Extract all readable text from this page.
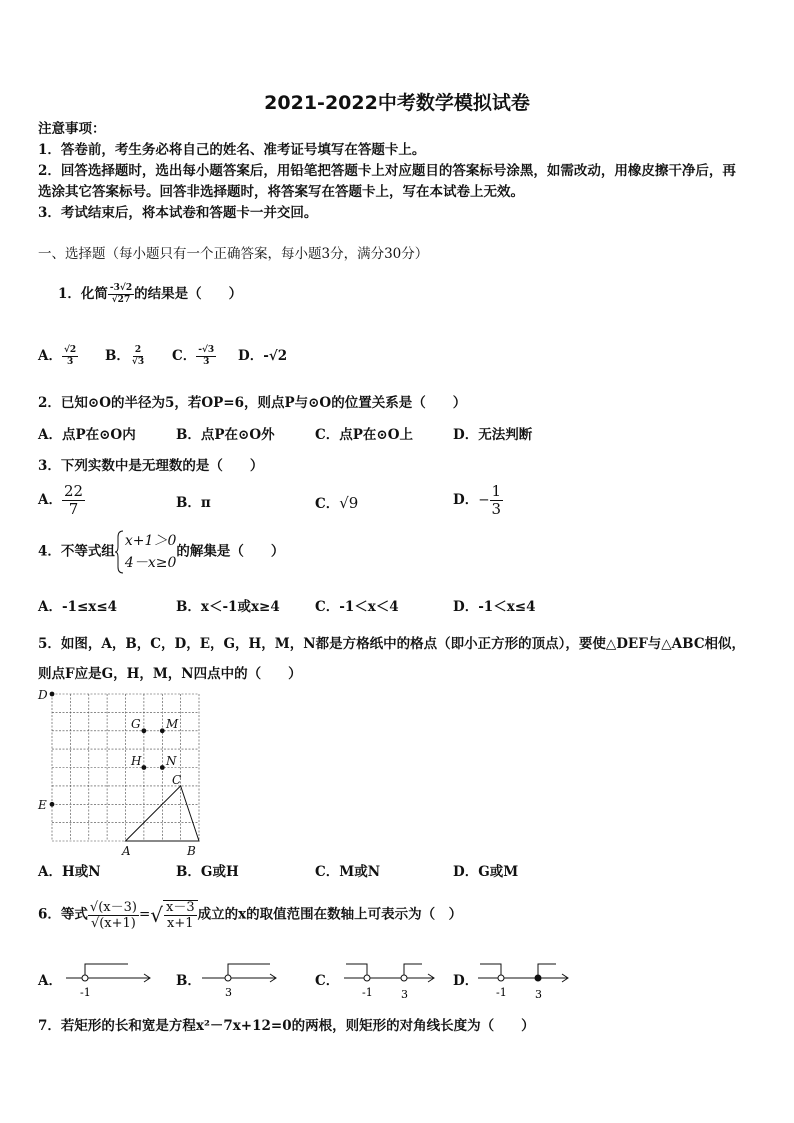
2021-2022中考数学模拟试卷
注意事项：
1．答卷前，考生务必将自己的姓名、准考证号填写在答题卡上。
2．回答选择题时，选出每小题答案后，用铅笔把答题卡上对应题目的答案标号涂黑，如需改动，用橡皮擦干净后，再
选涂其它答案标号。回答非选择题时，将答案写在答题卡上，写在本试卷上无效。
3．考试结束后，将本试卷和答题卡一并交回。
一、选择题（每小题只有一个正确答案，每小题3分，满分30分）
1．化简 $\frac{-3√2}{√27}$ 的结果是（　　）
A． $\frac{√2}{3}$ B． $\frac{2}{√3}$ C． $\frac{-√3}{3}$ D．-√2
2．已知⊙O的半径为5，若OP=6，则点P与⊙O的位置关系是（　　）
A．点P在⊙O内	B．点P在⊙O外	C．点P在⊙O上	D．无法判断
3．下列实数中是无理数的是（　　）
A． $\frac{22}{7}$	B．π	C．√9	D．− $\frac{1}{3}$
4．不等式组
x+1＞0
4－x≥0
的解集是（　　）
A．-1≤x≤4	B．x＜-1或x≥4	C．-1＜x＜4	D．-1＜x≤4
5．如图，A，B，C，D，E，G，H，M，N都是方格纸中的格点（即小正方形的顶点），要使△DEF与△ABC相似，
则点F应是G，H，M，N四点中的（　　）
D
E
G M
H N
C
A	B
A．H或N	B．G或H	C．M或N	D．G或M
6．等式 $\frac{√(x-3)}{√(x+1)}$ =√ $\frac{x-3}{x+1}$ 成立的x的取值范围在数轴上可表示为（　）
A．
-1
B．
3
C．
-1	3
D．
-1	3
7．若矩形的长和宽是方程x²－7x+12=0的两根，则矩形的对角线长度为（　　）
